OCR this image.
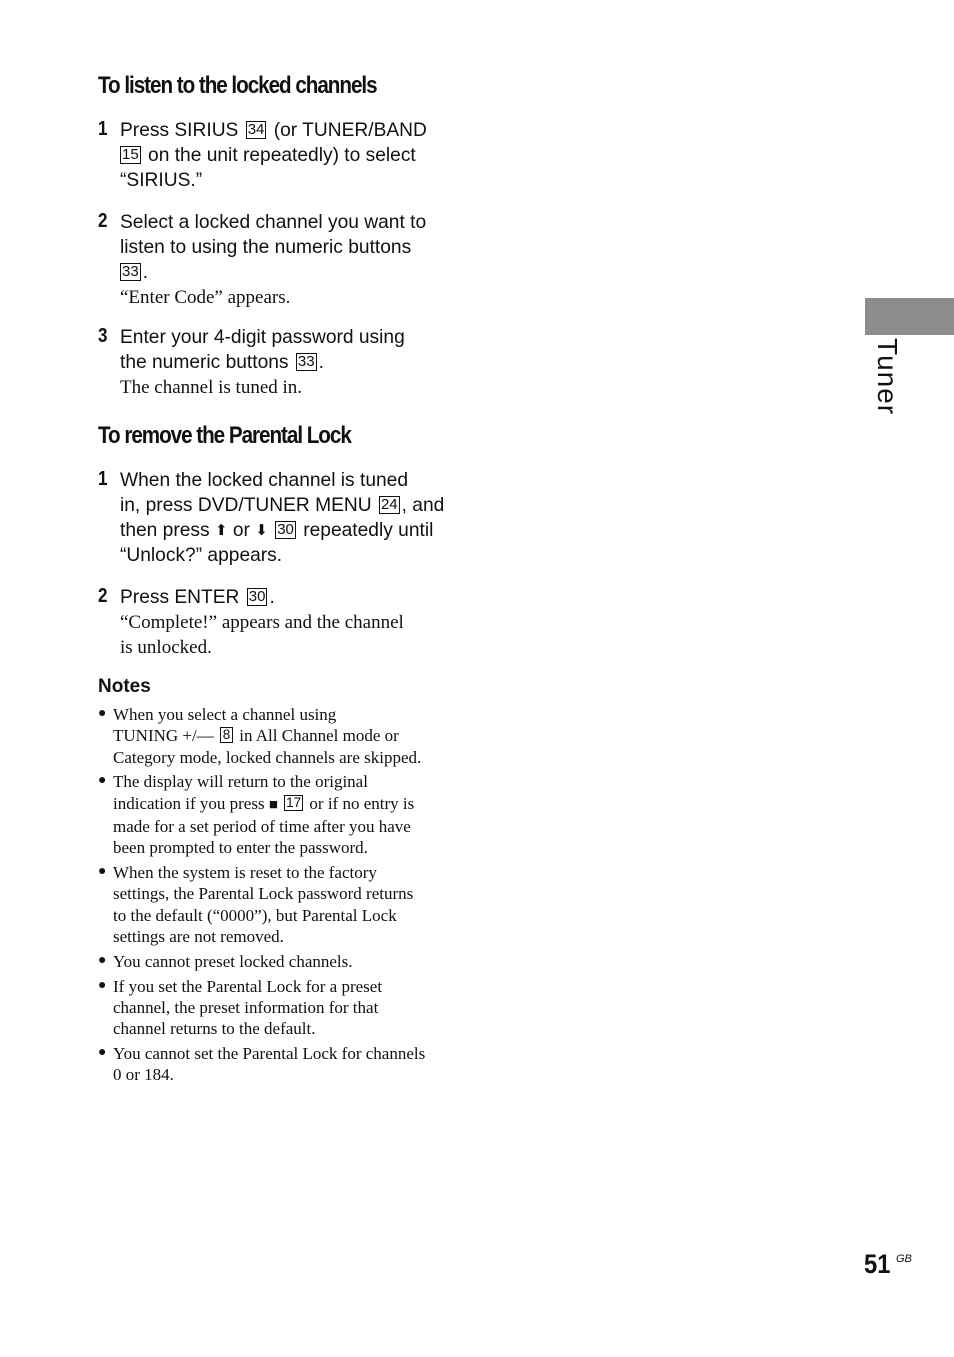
To listen to the locked channels
1 Press SIRIUS 34 (or TUNER/BAND
15 on the unit repeatedly) to select
“SIRIUS.”
2 Select a locked channel you want to
listen to using the numeric buttons
33 .
“Enter Code” appears.
3 Enter your 4-digit password using
the numeric buttons 33 .
The channel is tuned in.
To remove the Parental Lock
1 When the locked channel is tuned
in, press DVD/TUNER MENU 24 , and
then press ⬆ or ⬇ 30 repeatedly until
“Unlock?” appears.
2 Press ENTER 30 .
“Complete!” appears and the channel
is unlocked.
Notes
● When you select a channel using
TUNING +/— 8 in All Channel mode or
Category mode, locked channels are skipped.
● The display will return to the original
indication if you press ■ 17 or if no entry is
made for a set period of time after you have
been prompted to enter the password.
● When the system is reset to the factory
settings, the Parental Lock password returns
to the default (“0000”), but Parental Lock
settings are not removed.
● You cannot preset locked channels.
● If you set the Parental Lock for a preset
channel, the preset information for that
channel returns to the default.
● You cannot set the Parental Lock for channels
0 or 184.
Tuner
51 GB
